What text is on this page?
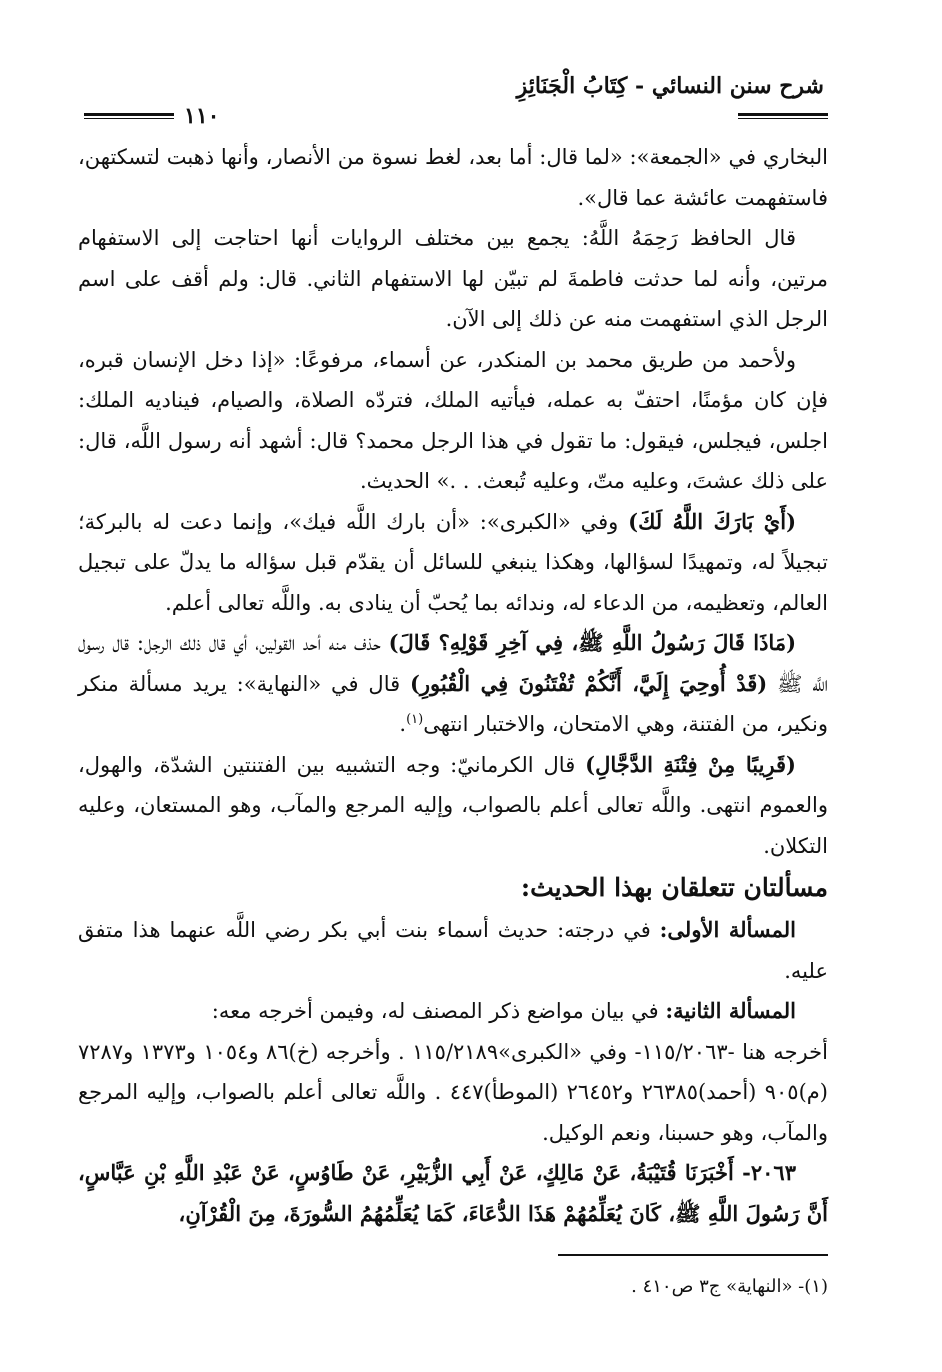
شرح سنن النسائي - كِتَابُ الْجَنَائِزِ
١١٠

البخاري في «الجمعة»: «لما قال: أما بعد، لغط نسوة من الأنصار، وأنها ذهبت لتسكتهن، فاستفهمت عائشة عما قال».

قال الحافظ رَحِمَهُ اللَّهُ: يجمع بين مختلف الروايات أنها احتاجت إلى الاستفهام مرتين، وأنه لما حدثت فاطمةَ لم تبيّن لها الاستفهام الثاني. قال: ولم أقف على اسم الرجل الذي استفهمت منه عن ذلك إلى الآن.

ولأحمد من طريق محمد بن المنكدر، عن أسماء، مرفوعًا: «إذا دخل الإنسان قبره، فإن كان مؤمنًا، احتفّ به عمله، فيأتيه الملك، فتردّه الصلاة، والصيام، فيناديه الملك: اجلس، فيجلس، فيقول: ما تقول في هذا الرجل محمد؟ قال: أشهد أنه رسول اللَّه، قال: على ذلك عشتَ، وعليه متّ، وعليه تُبعث. . .» الحديث.

(أَيْ بَارَكَ اللَّهُ لَكَ) وفي «الكبرى»: «أن بارك اللَّه فيك»، وإنما دعت له بالبركة؛ تبجيلاً له، وتمهيدًا لسؤالها، وهكذا ينبغي للسائل أن يقدّم قبل سؤاله ما يدلّ على تبجيل العالم، وتعظيمه، من الدعاء له، وندائه بما يُحبّ أن ينادى به. واللَّه تعالى أعلم.

(مَاذَا قَالَ رَسُولُ اللَّهِ ﷺ، فِي آخِرِ قَوْلِهِ؟ قَالَ) حذف منه أحد القولين، أي قال ذلك الرجل: قال رسول اللَّه ﷺ (قَدْ أُوحِيَ إِلَيَّ، أَنَّكُمْ تُفْتَنُونَ فِي الْقُبُورِ) قال في «النهاية»: يريد مسألة منكر ونكير، من الفتنة، وهي الامتحان، والاختبار انتهى$^{(١)}$.

(قَرِيبًا مِنْ فِتْنَةِ الدَّجَّالِ) قال الكرمانيّ: وجه التشبيه بين الفتنتين الشدّة، والهول، والعموم انتهى. واللَّه تعالى أعلم بالصواب، وإليه المرجع والمآب، وهو المستعان، وعليه التكلان.

مسألتان تتعلقان بهذا الحديث:

المسألة الأولى: في درجته: حديث أسماء بنت أبي بكر رضي اللَّه عنهما هذا متفق عليه.

المسألة الثانية: في بيان مواضع ذكر المصنف له، وفيمن أخرجه معه:

أخرجه هنا -١١٥/٢٠٦٣- وفي «الكبرى»١١٥/٢١٨٩ . وأخرجه (خ)٨٦ و١٠٥٤ و١٣٧٣ و٧٢٨٧ (م)٩٠٥ (أحمد)٢٦٣٨٥ و٢٦٤٥٢ (الموطأ)٤٤٧ . واللَّه تعالى أعلم بالصواب، وإليه المرجع والمآب، وهو حسبنا، ونعم الوكيل.

٢٠٦٣- أَخْبَرَنَا قُتَيْبَةُ، عَنْ مَالِكٍ، عَنْ أَبِي الزُّبَيْرِ، عَنْ طَاوُسٍ، عَنْ عَبْدِ اللَّهِ بْنِ عَبَّاسٍ، أَنَّ رَسُولَ اللَّهِ ﷺ، كَانَ يُعَلِّمُهُمْ هَذَا الدُّعَاءَ، كَمَا يُعَلِّمُهُمُ السُّورَةَ، مِنَ الْقُرْآنِ،

(١)- «النهاية» ج٣ ص٤١٠ .
